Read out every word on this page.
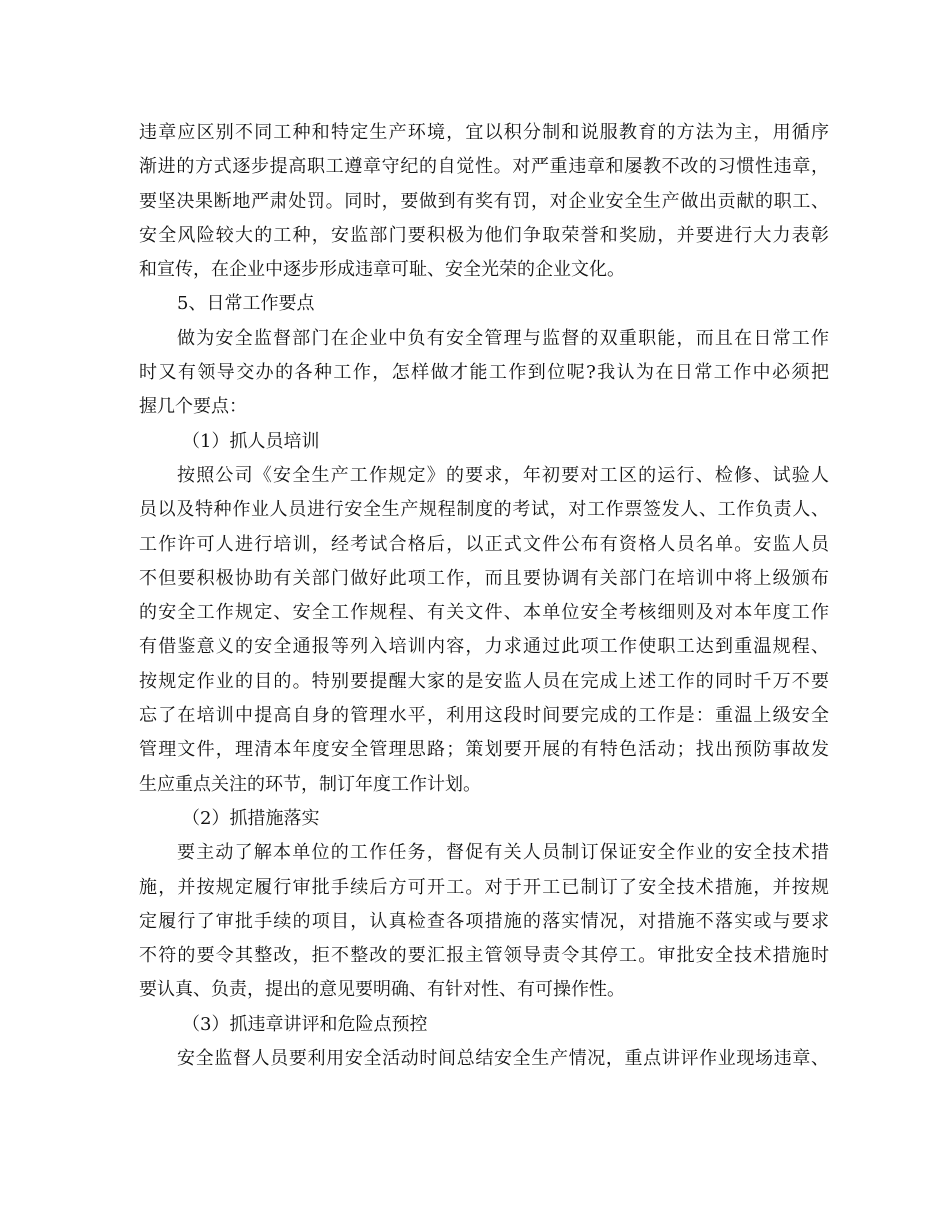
违章应区别不同工种和特定生产环境，宜以积分制和说服教育的方法为主，用循序
渐进的方式逐步提高职工遵章守纪的自觉性。对严重违章和屡教不改的习惯性违章，
要坚决果断地严肃处罚。同时，要做到有奖有罚，对企业安全生产做出贡献的职工、
安全风险较大的工种，安监部门要积极为他们争取荣誉和奖励，并要进行大力表彰
和宣传，在企业中逐步形成违章可耻、安全光荣的企业文化。
5、日常工作要点
做为安全监督部门在企业中负有安全管理与监督的双重职能，而且在日常工作
时又有领导交办的各种工作，怎样做才能工作到位呢?我认为在日常工作中必须把
握几个要点：
（1）抓人员培训
按照公司《安全生产工作规定》的要求，年初要对工区的运行、检修、试验人
员以及特种作业人员进行安全生产规程制度的考试，对工作票签发人、工作负责人、
工作许可人进行培训，经考试合格后，以正式文件公布有资格人员名单。安监人员
不但要积极协助有关部门做好此项工作，而且要协调有关部门在培训中将上级颁布
的安全工作规定、安全工作规程、有关文件、本单位安全考核细则及对本年度工作
有借鉴意义的安全通报等列入培训内容，力求通过此项工作使职工达到重温规程、
按规定作业的目的。特别要提醒大家的是安监人员在完成上述工作的同时千万不要
忘了在培训中提高自身的管理水平，利用这段时间要完成的工作是：重温上级安全
管理文件，理清本年度安全管理思路；策划要开展的有特色活动；找出预防事故发
生应重点关注的环节，制订年度工作计划。
（2）抓措施落实
要主动了解本单位的工作任务，督促有关人员制订保证安全作业的安全技术措
施，并按规定履行审批手续后方可开工。对于开工已制订了安全技术措施，并按规
定履行了审批手续的项目，认真检查各项措施的落实情况，对措施不落实或与要求
不符的要令其整改，拒不整改的要汇报主管领导责令其停工。审批安全技术措施时
要认真、负责，提出的意见要明确、有针对性、有可操作性。
（3）抓违章讲评和危险点预控
安全监督人员要利用安全活动时间总结安全生产情况，重点讲评作业现场违章、
